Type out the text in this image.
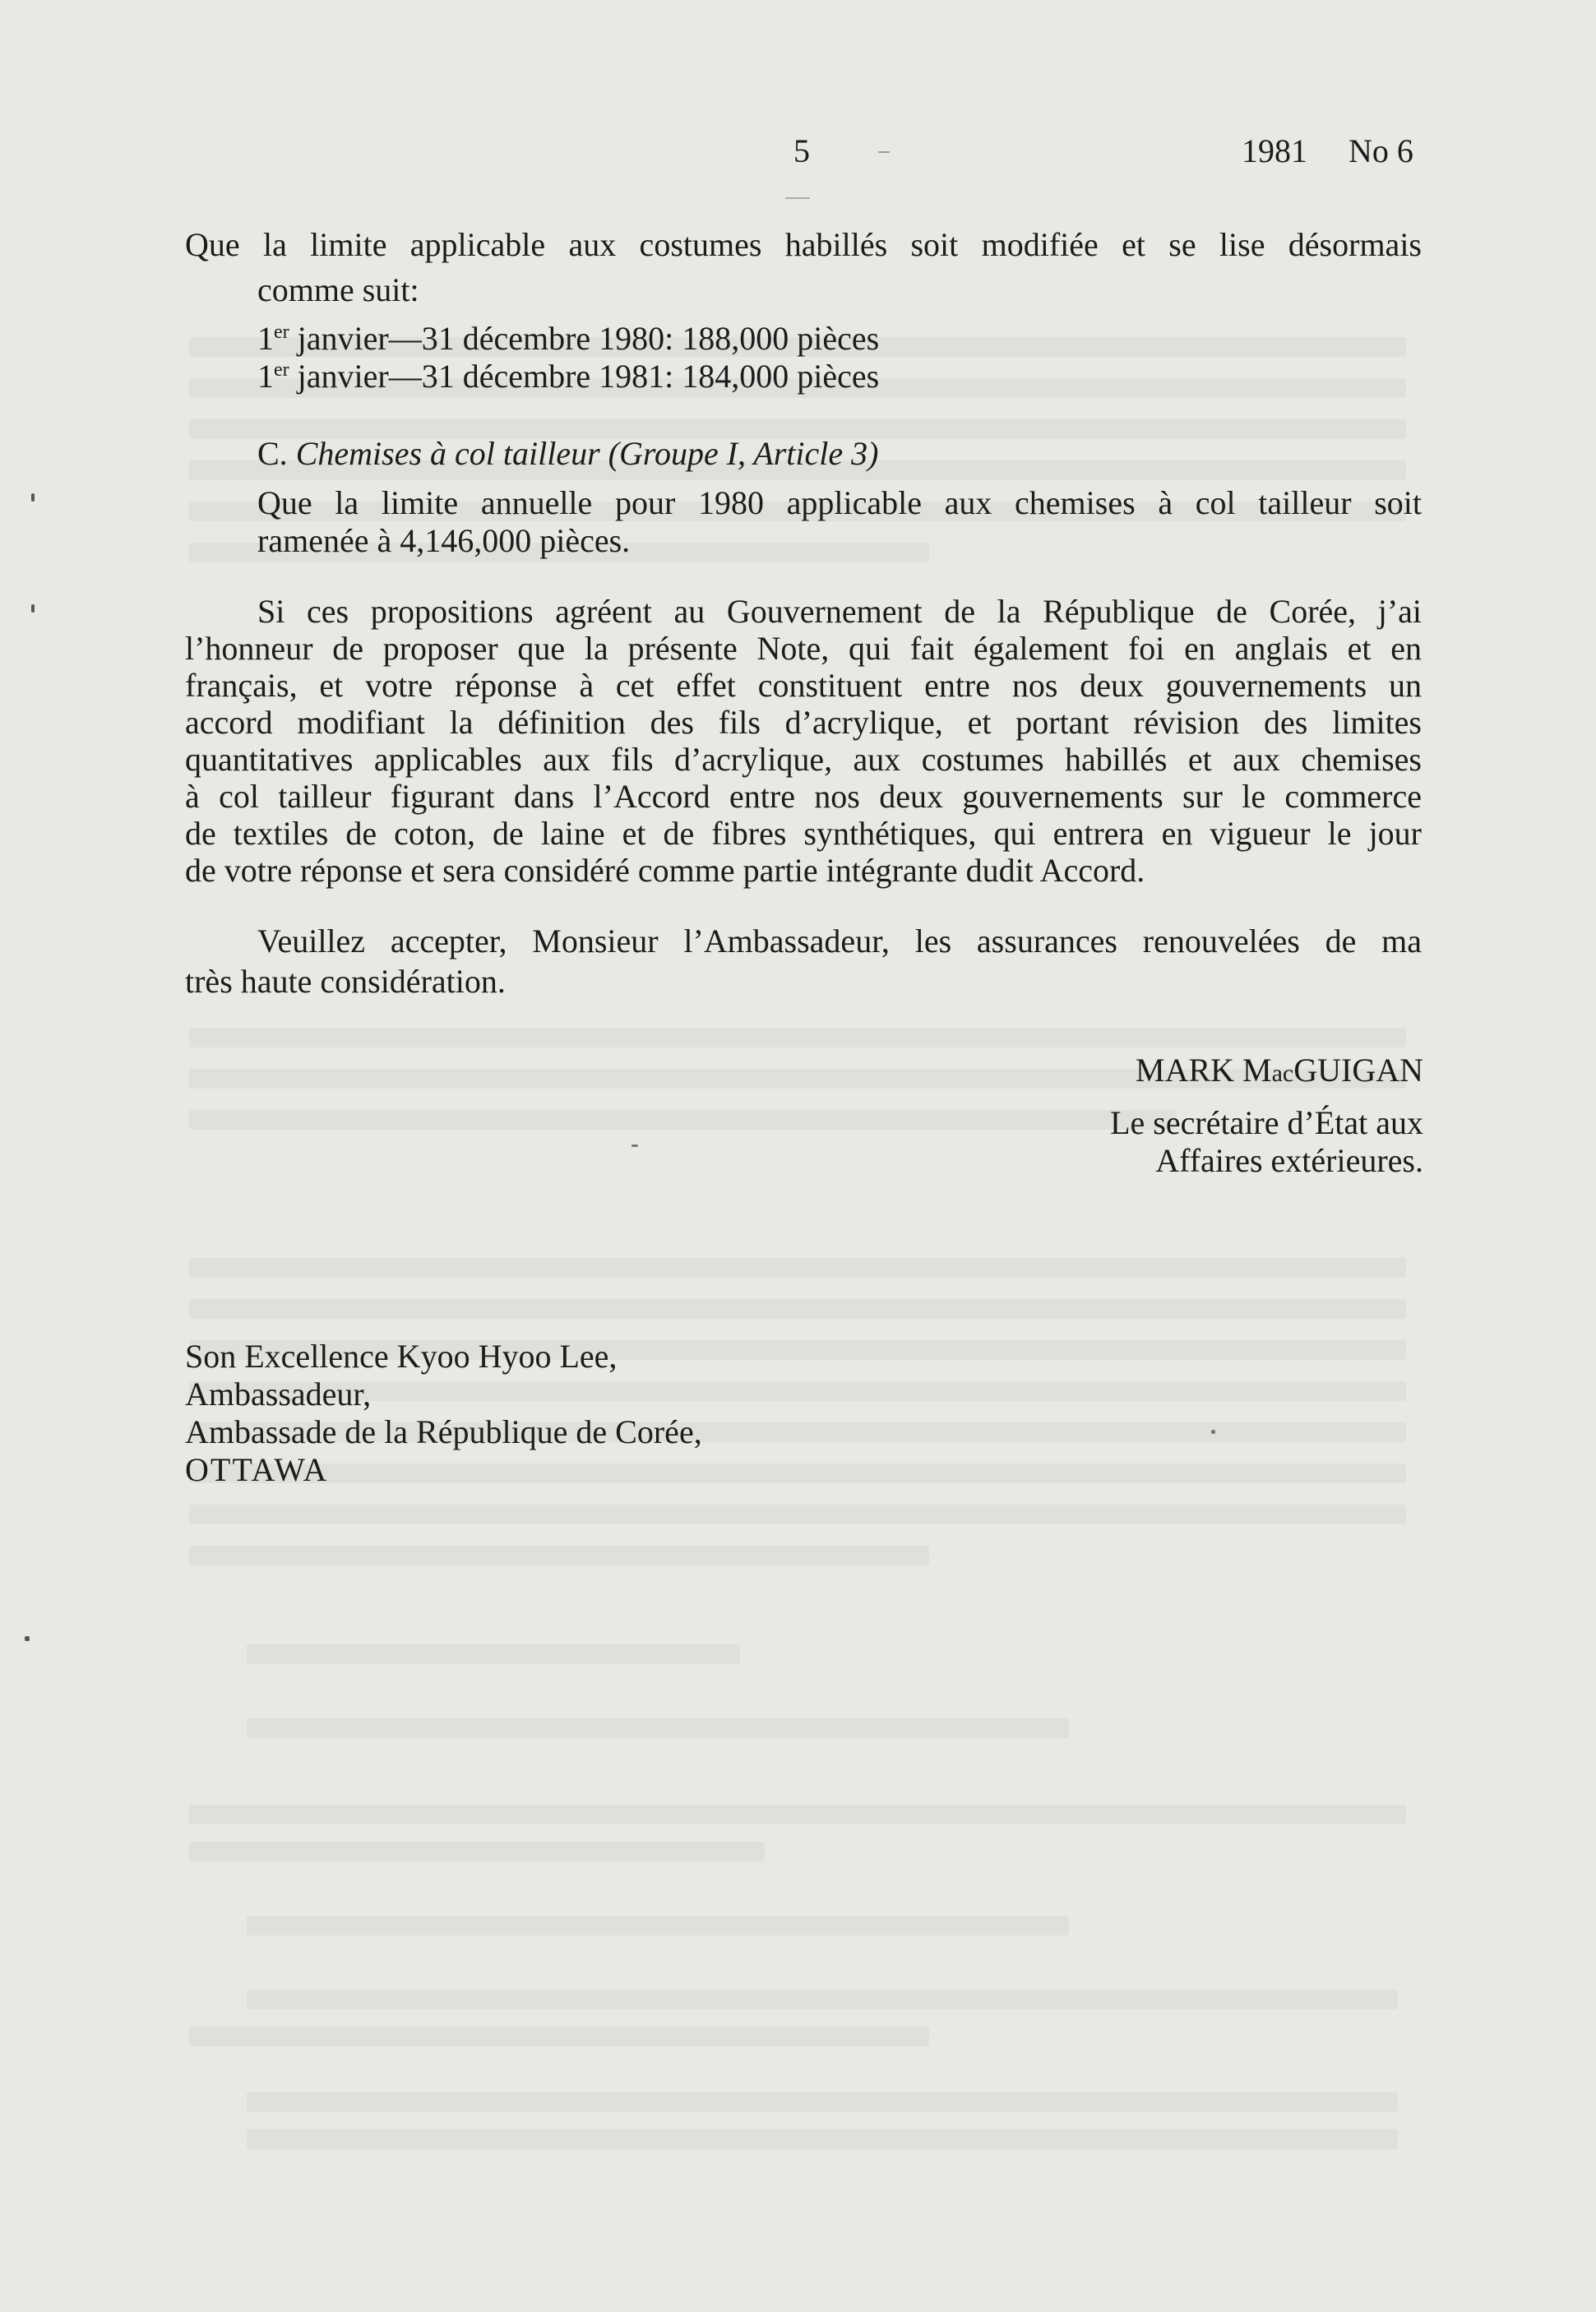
5	1981 No 6
Que la limite applicable aux costumes habillés soit modifiée et se lise désormais
comme suit:
1er janvier—31 décembre 1980: 188,000 pièces
1er janvier—31 décembre 1981: 184,000 pièces
C. Chemises à col tailleur (Groupe I, Article 3)
Que la limite annuelle pour 1980 applicable aux chemises à col tailleur soit
ramenée à 4,146,000 pièces.
Si ces propositions agréent au Gouvernement de la République de Corée, j’ai
l’honneur de proposer que la présente Note, qui fait également foi en anglais et en
français, et votre réponse à cet effet constituent entre nos deux gouvernements un
accord modifiant la définition des fils d’acrylique, et portant révision des limites
quantitatives applicables aux fils d’acrylique, aux costumes habillés et aux chemises
à col tailleur figurant dans l’Accord entre nos deux gouvernements sur le commerce
de textiles de coton, de laine et de fibres synthétiques, qui entrera en vigueur le jour
de votre réponse et sera considéré comme partie intégrante dudit Accord.
Veuillez accepter, Monsieur l’Ambassadeur, les assurances renouvelées de ma
très haute considération.
MARK MacGUIGAN
Le secrétaire d’État aux
Affaires extérieures.
Son Excellence Kyoo Hyoo Lee,
Ambassadeur,
Ambassade de la République de Corée,
OTTAWA
